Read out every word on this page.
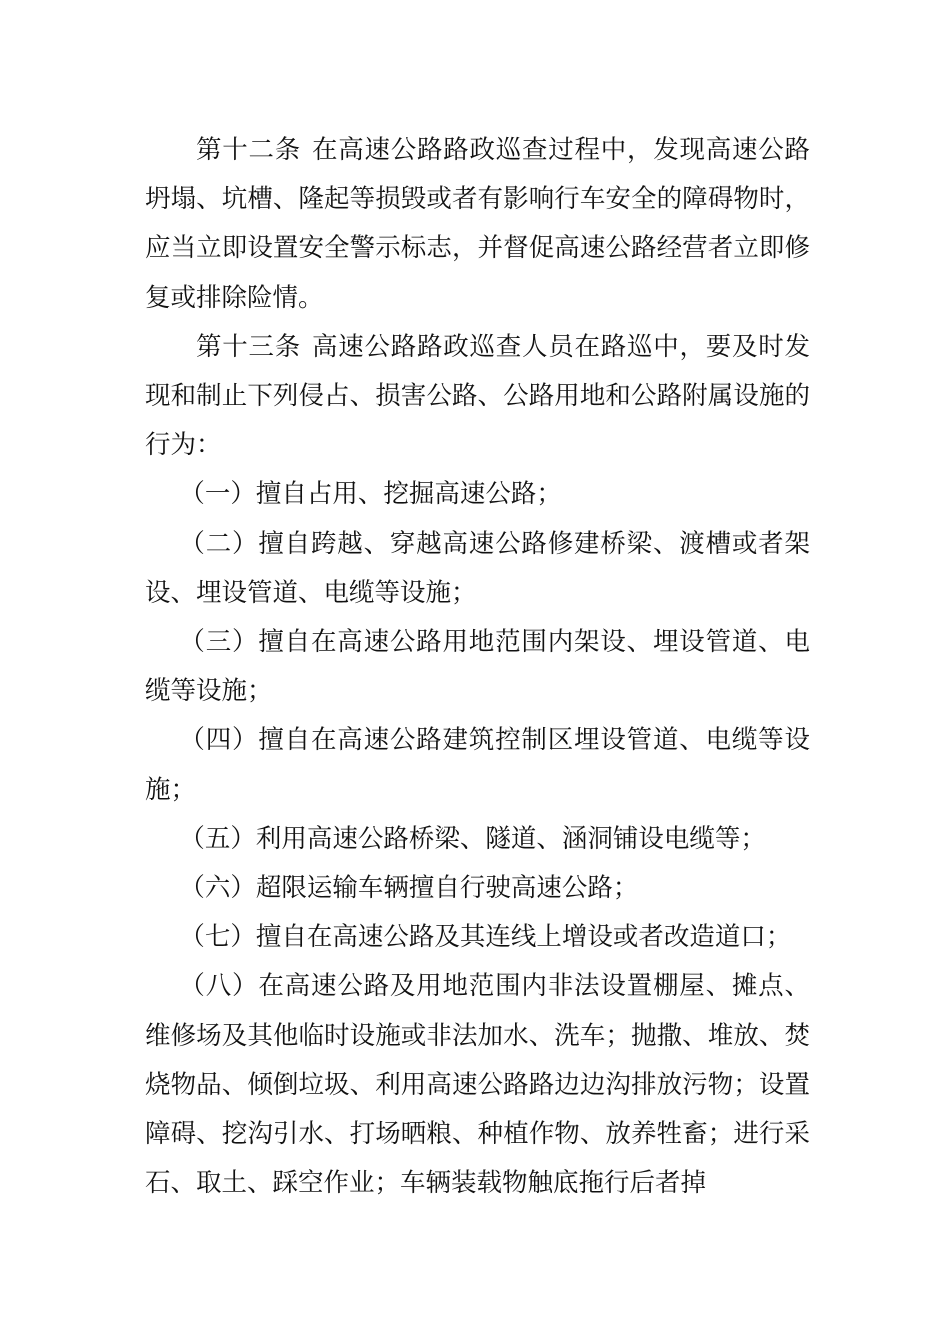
第十二条 在高速公路路政巡查过程中，发现高速公路坍塌、坑槽、隆起等损毁或者有影响行车安全的障碍物时，应当立即设置安全警示标志，并督促高速公路经营者立即修复或排除险情。

第十三条 高速公路路政巡查人员在路巡中，要及时发现和制止下列侵占、损害公路、公路用地和公路附属设施的行为：

（一）擅自占用、挖掘高速公路；

（二）擅自跨越、穿越高速公路修建桥梁、渡槽或者架设、埋设管道、电缆等设施；

（三）擅自在高速公路用地范围内架设、埋设管道、电缆等设施；

（四）擅自在高速公路建筑控制区埋设管道、电缆等设施；

（五）利用高速公路桥梁、隧道、涵洞铺设电缆等；

（六）超限运输车辆擅自行驶高速公路；

（七）擅自在高速公路及其连线上增设或者改造道口；

（八）在高速公路及用地范围内非法设置棚屋、摊点、维修场及其他临时设施或非法加水、洗车；抛撒、堆放、焚烧物品、倾倒垃圾、利用高速公路路边边沟排放污物；设置障碍、挖沟引水、打场晒粮、种植作物、放养牲畜；进行采石、取土、踩空作业；车辆装载物触底拖行后者掉
